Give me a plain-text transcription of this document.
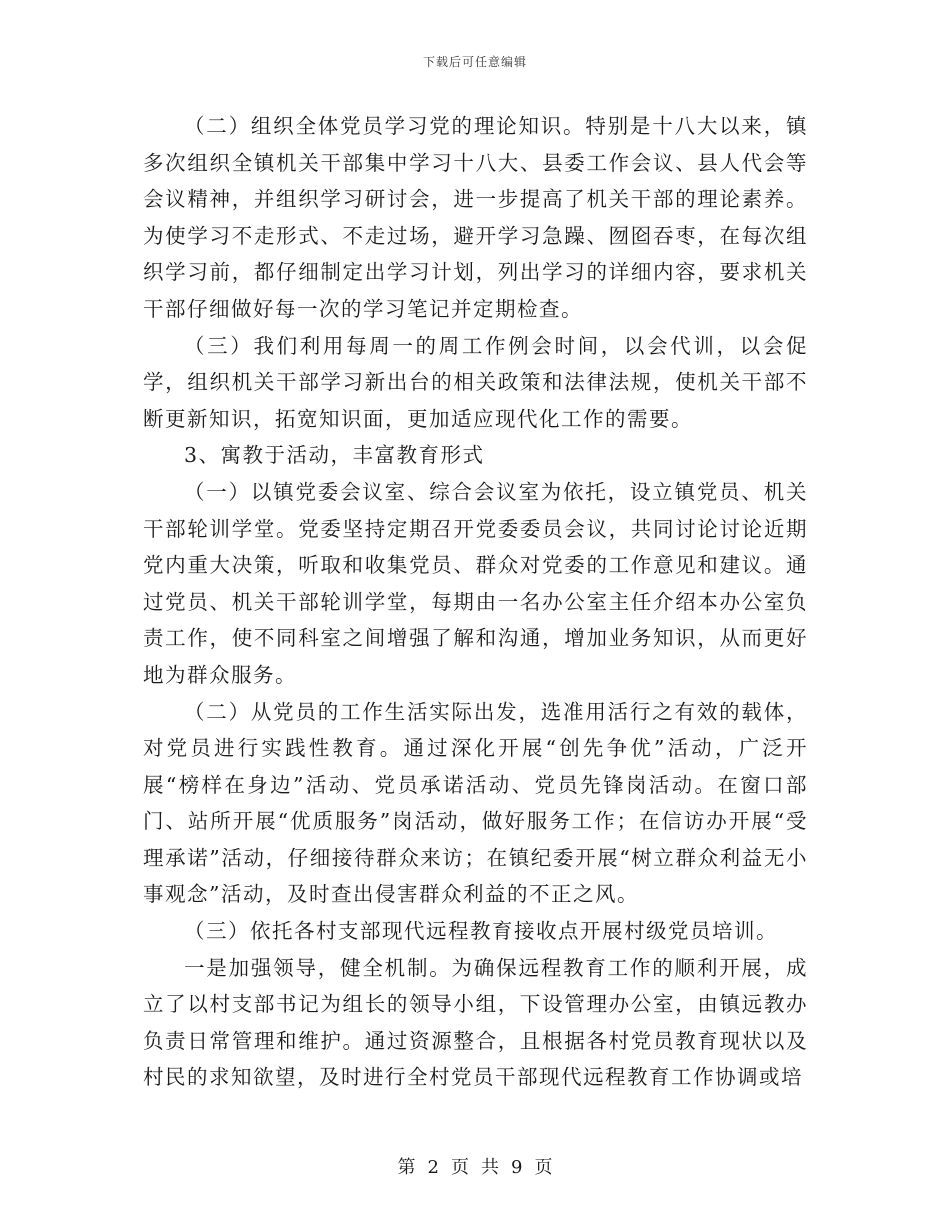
下载后可任意编辑

（二）组织全体党员学习党的理论知识。特别是十八大以来，镇多次组织全镇机关干部集中学习十八大、县委工作会议、县人代会等会议精神，并组织学习研讨会，进一步提高了机关干部的理论素养。为使学习不走形式、不走过场，避开学习急躁、囫囵吞枣，在每次组织学习前，都仔细制定出学习计划，列出学习的详细内容，要求机关干部仔细做好每一次的学习笔记并定期检查。

（三）我们利用每周一的周工作例会时间，以会代训，以会促学，组织机关干部学习新出台的相关政策和法律法规，使机关干部不断更新知识，拓宽知识面，更加适应现代化工作的需要。

3、寓教于活动，丰富教育形式

（一）以镇党委会议室、综合会议室为依托，设立镇党员、机关干部轮训学堂。党委坚持定期召开党委委员会议，共同讨论讨论近期党内重大决策，听取和收集党员、群众对党委的工作意见和建议。通过党员、机关干部轮训学堂，每期由一名办公室主任介绍本办公室负责工作，使不同科室之间增强了解和沟通，增加业务知识，从而更好地为群众服务。

（二）从党员的工作生活实际出发，选准用活行之有效的载体，对党员进行实践性教育。通过深化开展“创先争优”活动，广泛开展“榜样在身边”活动、党员承诺活动、党员先锋岗活动。在窗口部门、站所开展“优质服务”岗活动，做好服务工作；在信访办开展“受理承诺”活动，仔细接待群众来访；在镇纪委开展“树立群众利益无小事观念”活动，及时查出侵害群众利益的不正之风。

（三）依托各村支部现代远程教育接收点开展村级党员培训。

一是加强领导，健全机制。为确保远程教育工作的顺利开展，成立了以村支部书记为组长的领导小组，下设管理办公室，由镇远教办负责日常管理和维护。通过资源整合，且根据各村党员教育现状以及村民的求知欲望，及时进行全村党员干部现代远程教育工作协调或培

第 2 页 共 9 页
